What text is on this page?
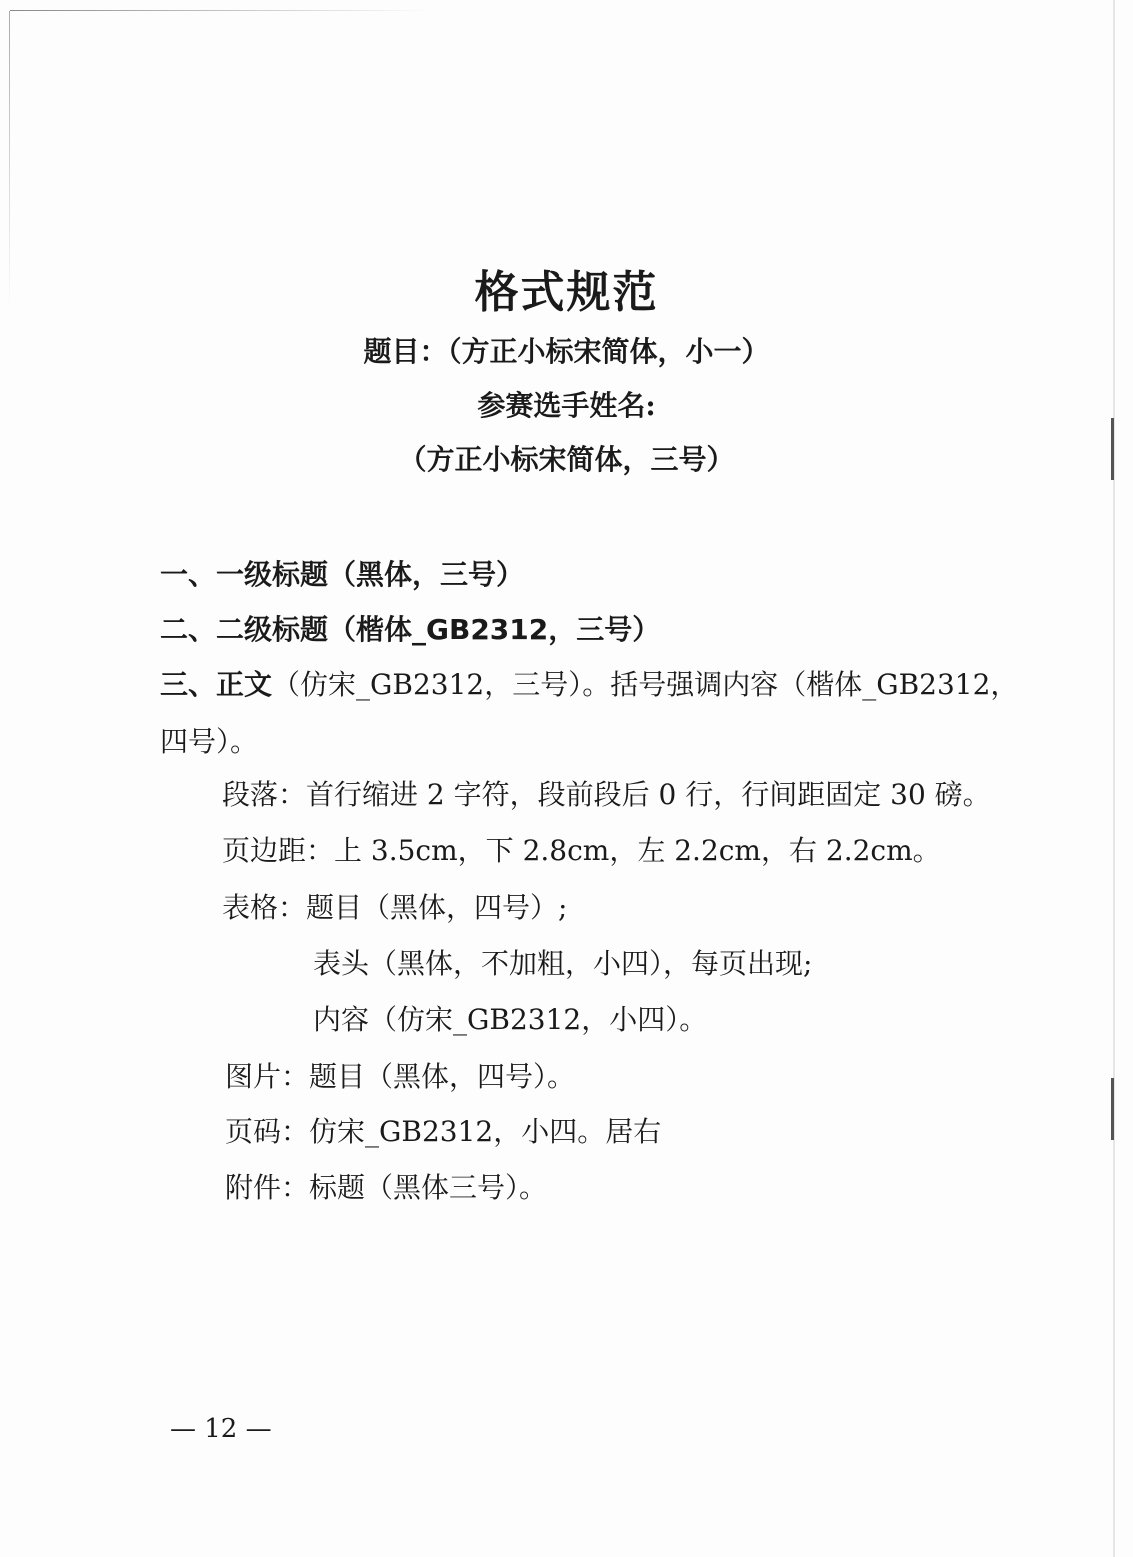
格式规范
题目：（方正小标宋简体，小一）
参赛选手姓名:
（方正小标宋简体，三号）
一、一级标题（黑体，三号）
二、二级标题（楷体_GB2312，三号）
三、正文（仿宋_GB2312，三号）。括号强调内容（楷体_GB2312，
四号）。
段落：首行缩进 2 字符，段前段后 0 行，行间距固定 30 磅。
页边距：上 3.5cm，下 2.8cm，左 2.2cm，右 2.2cm。
表格：题目（黑体，四号）;
表头（黑体，不加粗，小四），每页出现;
内容（仿宋_GB2312，小四）。
图片：题目（黑体，四号）。
页码：仿宋_GB2312，小四。居右
附件：标题（黑体三号）。
— 12 —
